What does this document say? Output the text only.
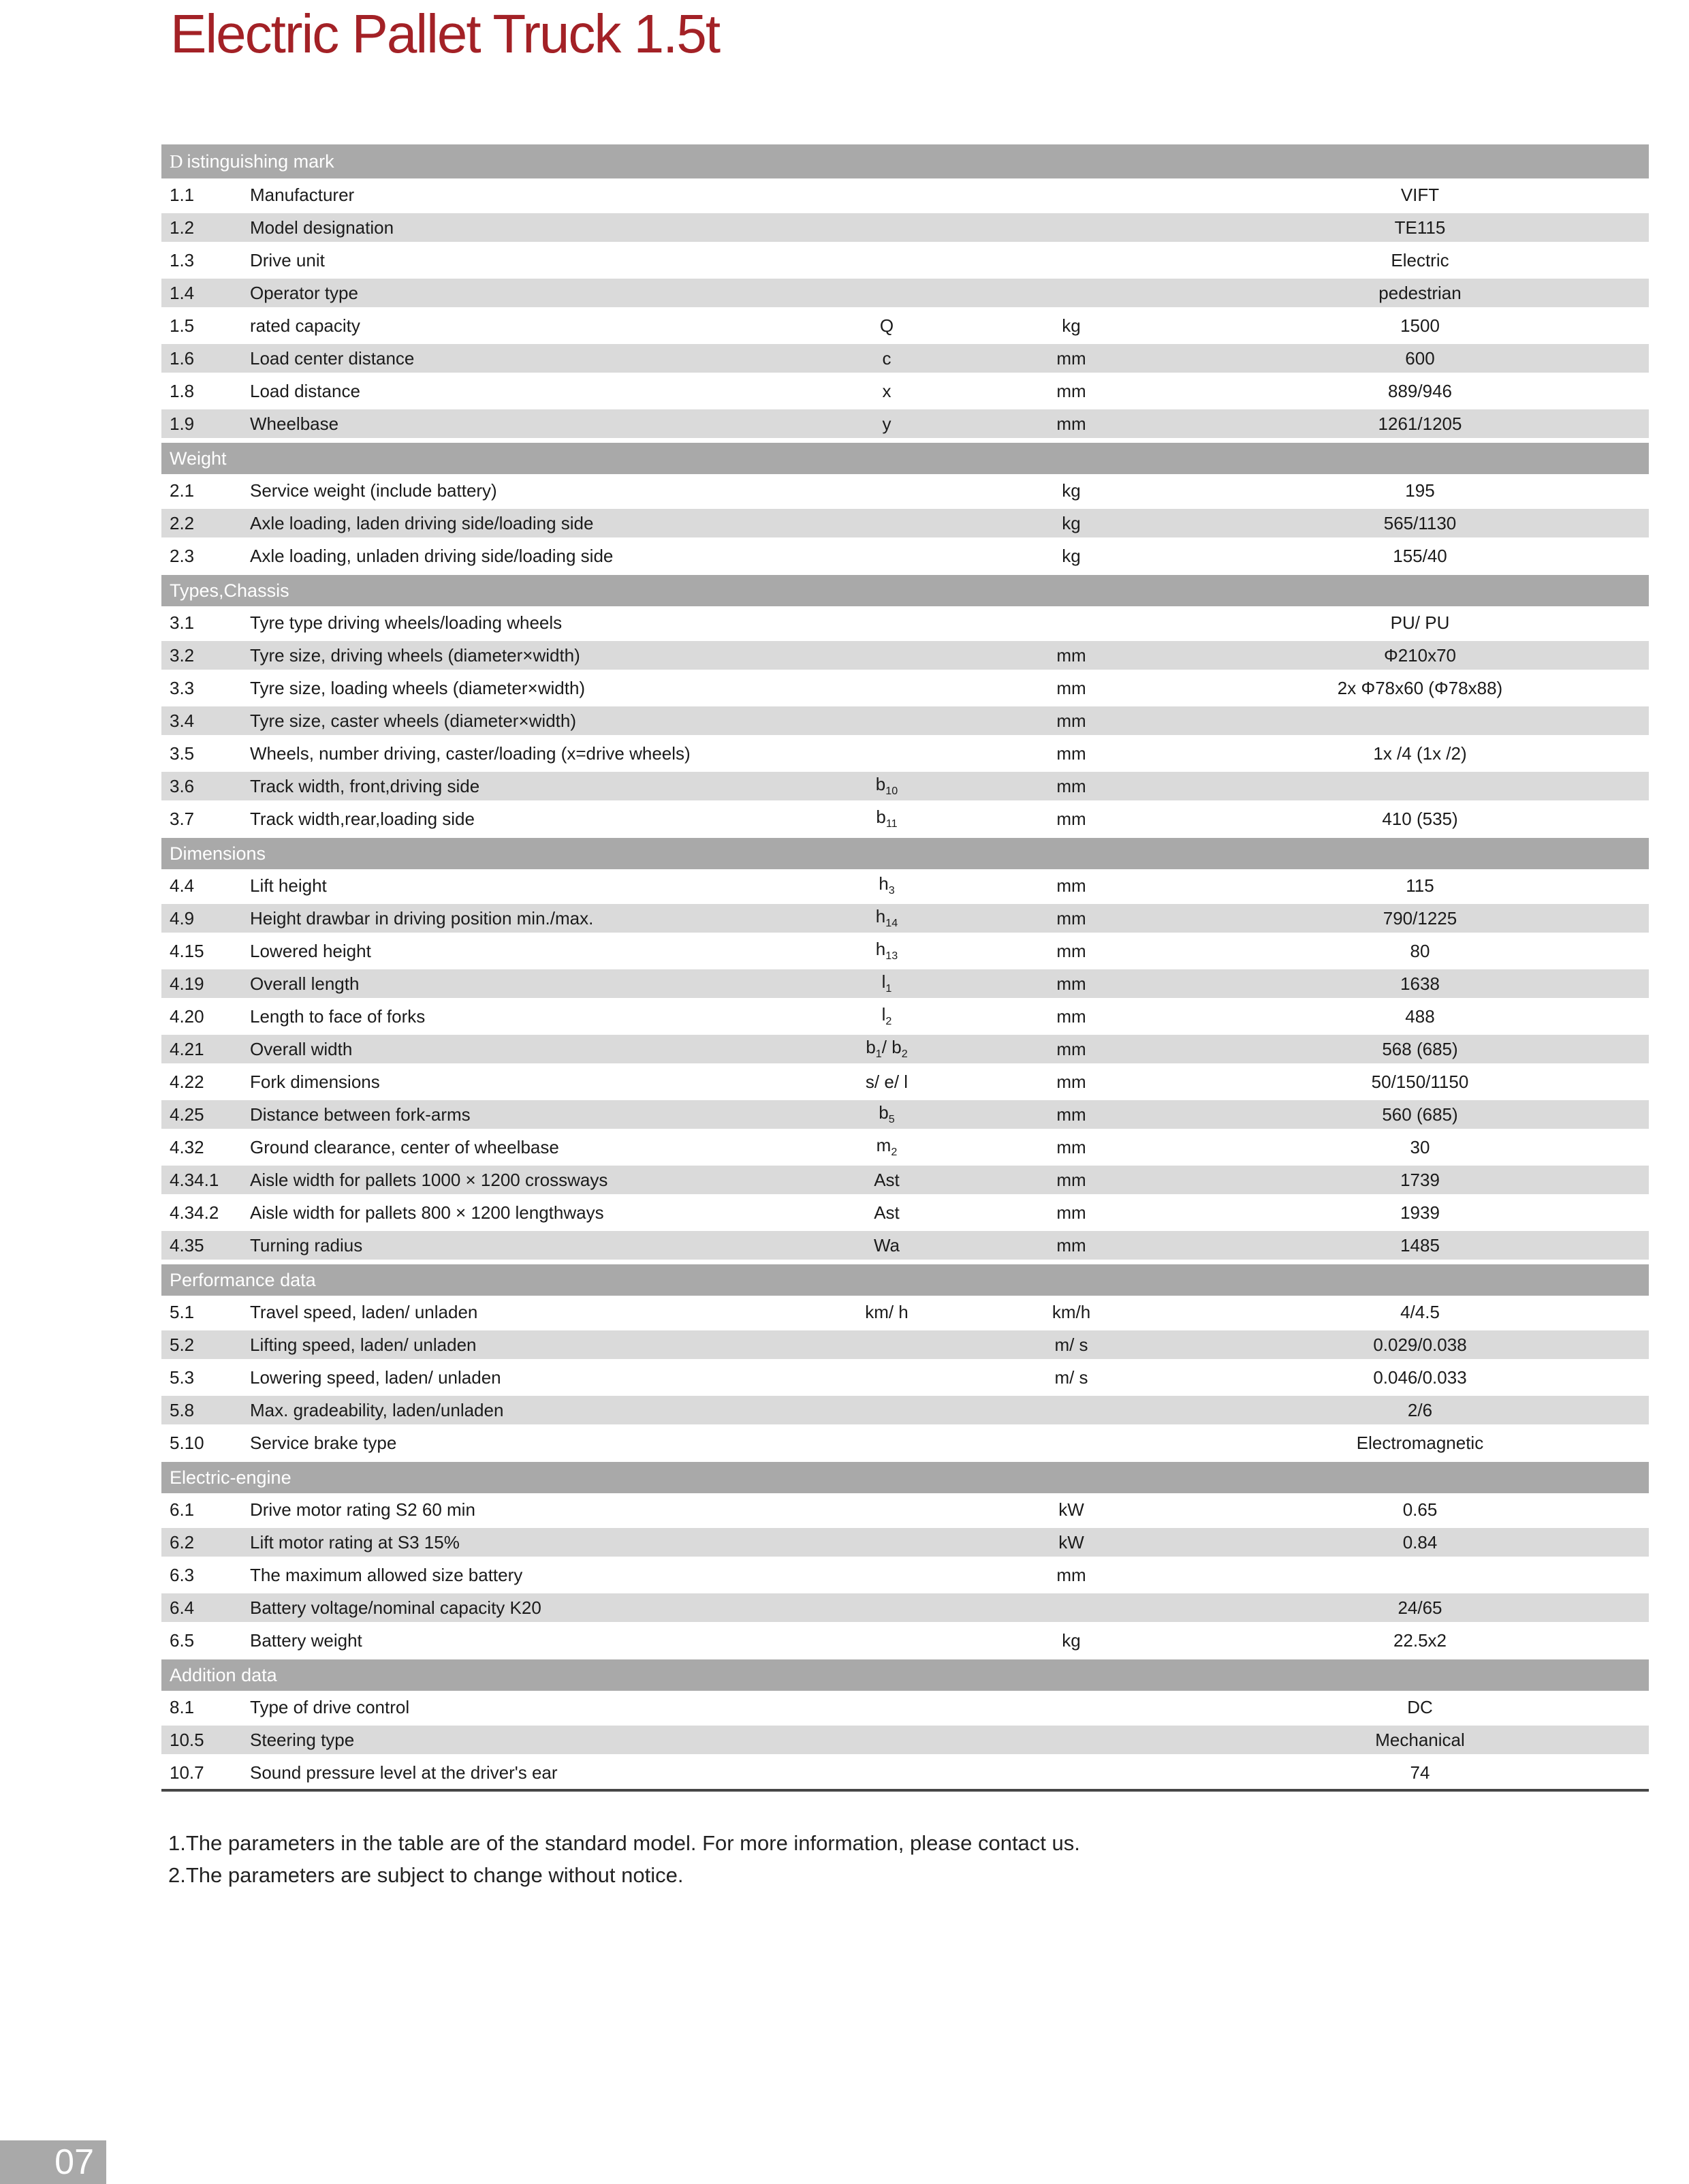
Electric Pallet Truck 1.5t
D istinguishing mark
1.1	Manufacturer	VIFT
1.2	Model designation	TE115
1.3	Drive unit	Electric
1.4	Operator type	pedestrian
1.5	rated capacity	Q	kg	1500
1.6	Load center distance	c	mm	600
1.8	Load distance	x	mm	889/946
1.9	Wheelbase	y	mm	1261/1205
Weight
2.1	Service weight (include battery)	kg	195
2.2	Axle loading, laden driving side/loading side	kg	565/1130
2.3	Axle loading, unladen driving side/loading side	kg	155/40
Types,Chassis
3.1	Tyre type driving wheels/loading wheels	PU/ PU
3.2	Tyre size, driving wheels (diameter×width)	mm	Φ210x70
3.3	Tyre size, loading wheels (diameter×width)	mm	2x Φ78x60 (Φ78x88)
3.4	Tyre size, caster wheels (diameter×width)	mm
3.5	Wheels, number driving, caster/loading (x=drive wheels)	mm	1x /4 (1x /2)
3.6	Track width, front,driving side	$b_{10}$	mm
3.7	Track width,rear,loading side	$b_{11}$	mm	410 (535)
Dimensions
4.4	Lift height	$h_3$	mm	115
4.9	Height drawbar in driving position min./max.	$h_{14}$	mm	790/1225
4.15	Lowered height	$h_{13}$	mm	80
4.19	Overall length	$l_1$	mm	1638
4.20	Length to face of forks	$l_2$	mm	488
4.21	Overall width	$b_1/$ $b_2$	mm	568 (685)
4.22	Fork dimensions	s/ e/ l	mm	50/150/1150
4.25	Distance between fork-arms	$b_5$	mm	560 (685)
4.32	Ground clearance, center of wheelbase	$m_2$	mm	30
4.34.1	Aisle width for pallets 1000 × 1200 crossways	Ast	mm	1739
4.34.2	Aisle width for pallets 800 × 1200 lengthways	Ast	mm	1939
4.35	Turning radius	Wa	mm	1485
Performance data
5.1	Travel speed, laden/ unladen	km/ h	km/h	4/4.5
5.2	Lifting speed, laden/ unladen	m/ s	0.029/0.038
5.3	Lowering speed, laden/ unladen	m/ s	0.046/0.033
5.8	Max. gradeability, laden/unladen	2/6
5.10	Service brake type	Electromagnetic
Electric-engine
6.1	Drive motor rating S2 60 min	kW	0.65
6.2	Lift motor rating at S3 15%	kW	0.84
6.3	The maximum allowed size battery	mm
6.4	Battery voltage/nominal capacity K20	24/65
6.5	Battery weight	kg	22.5x2
Addition data
8.1	Type of drive control	DC
10.5	Steering type	Mechanical
10.7	Sound pressure level at the driver's ear	74
1.The parameters in the table are of the standard model. For more information, please contact us.
2.The parameters are subject to change without notice.
07
